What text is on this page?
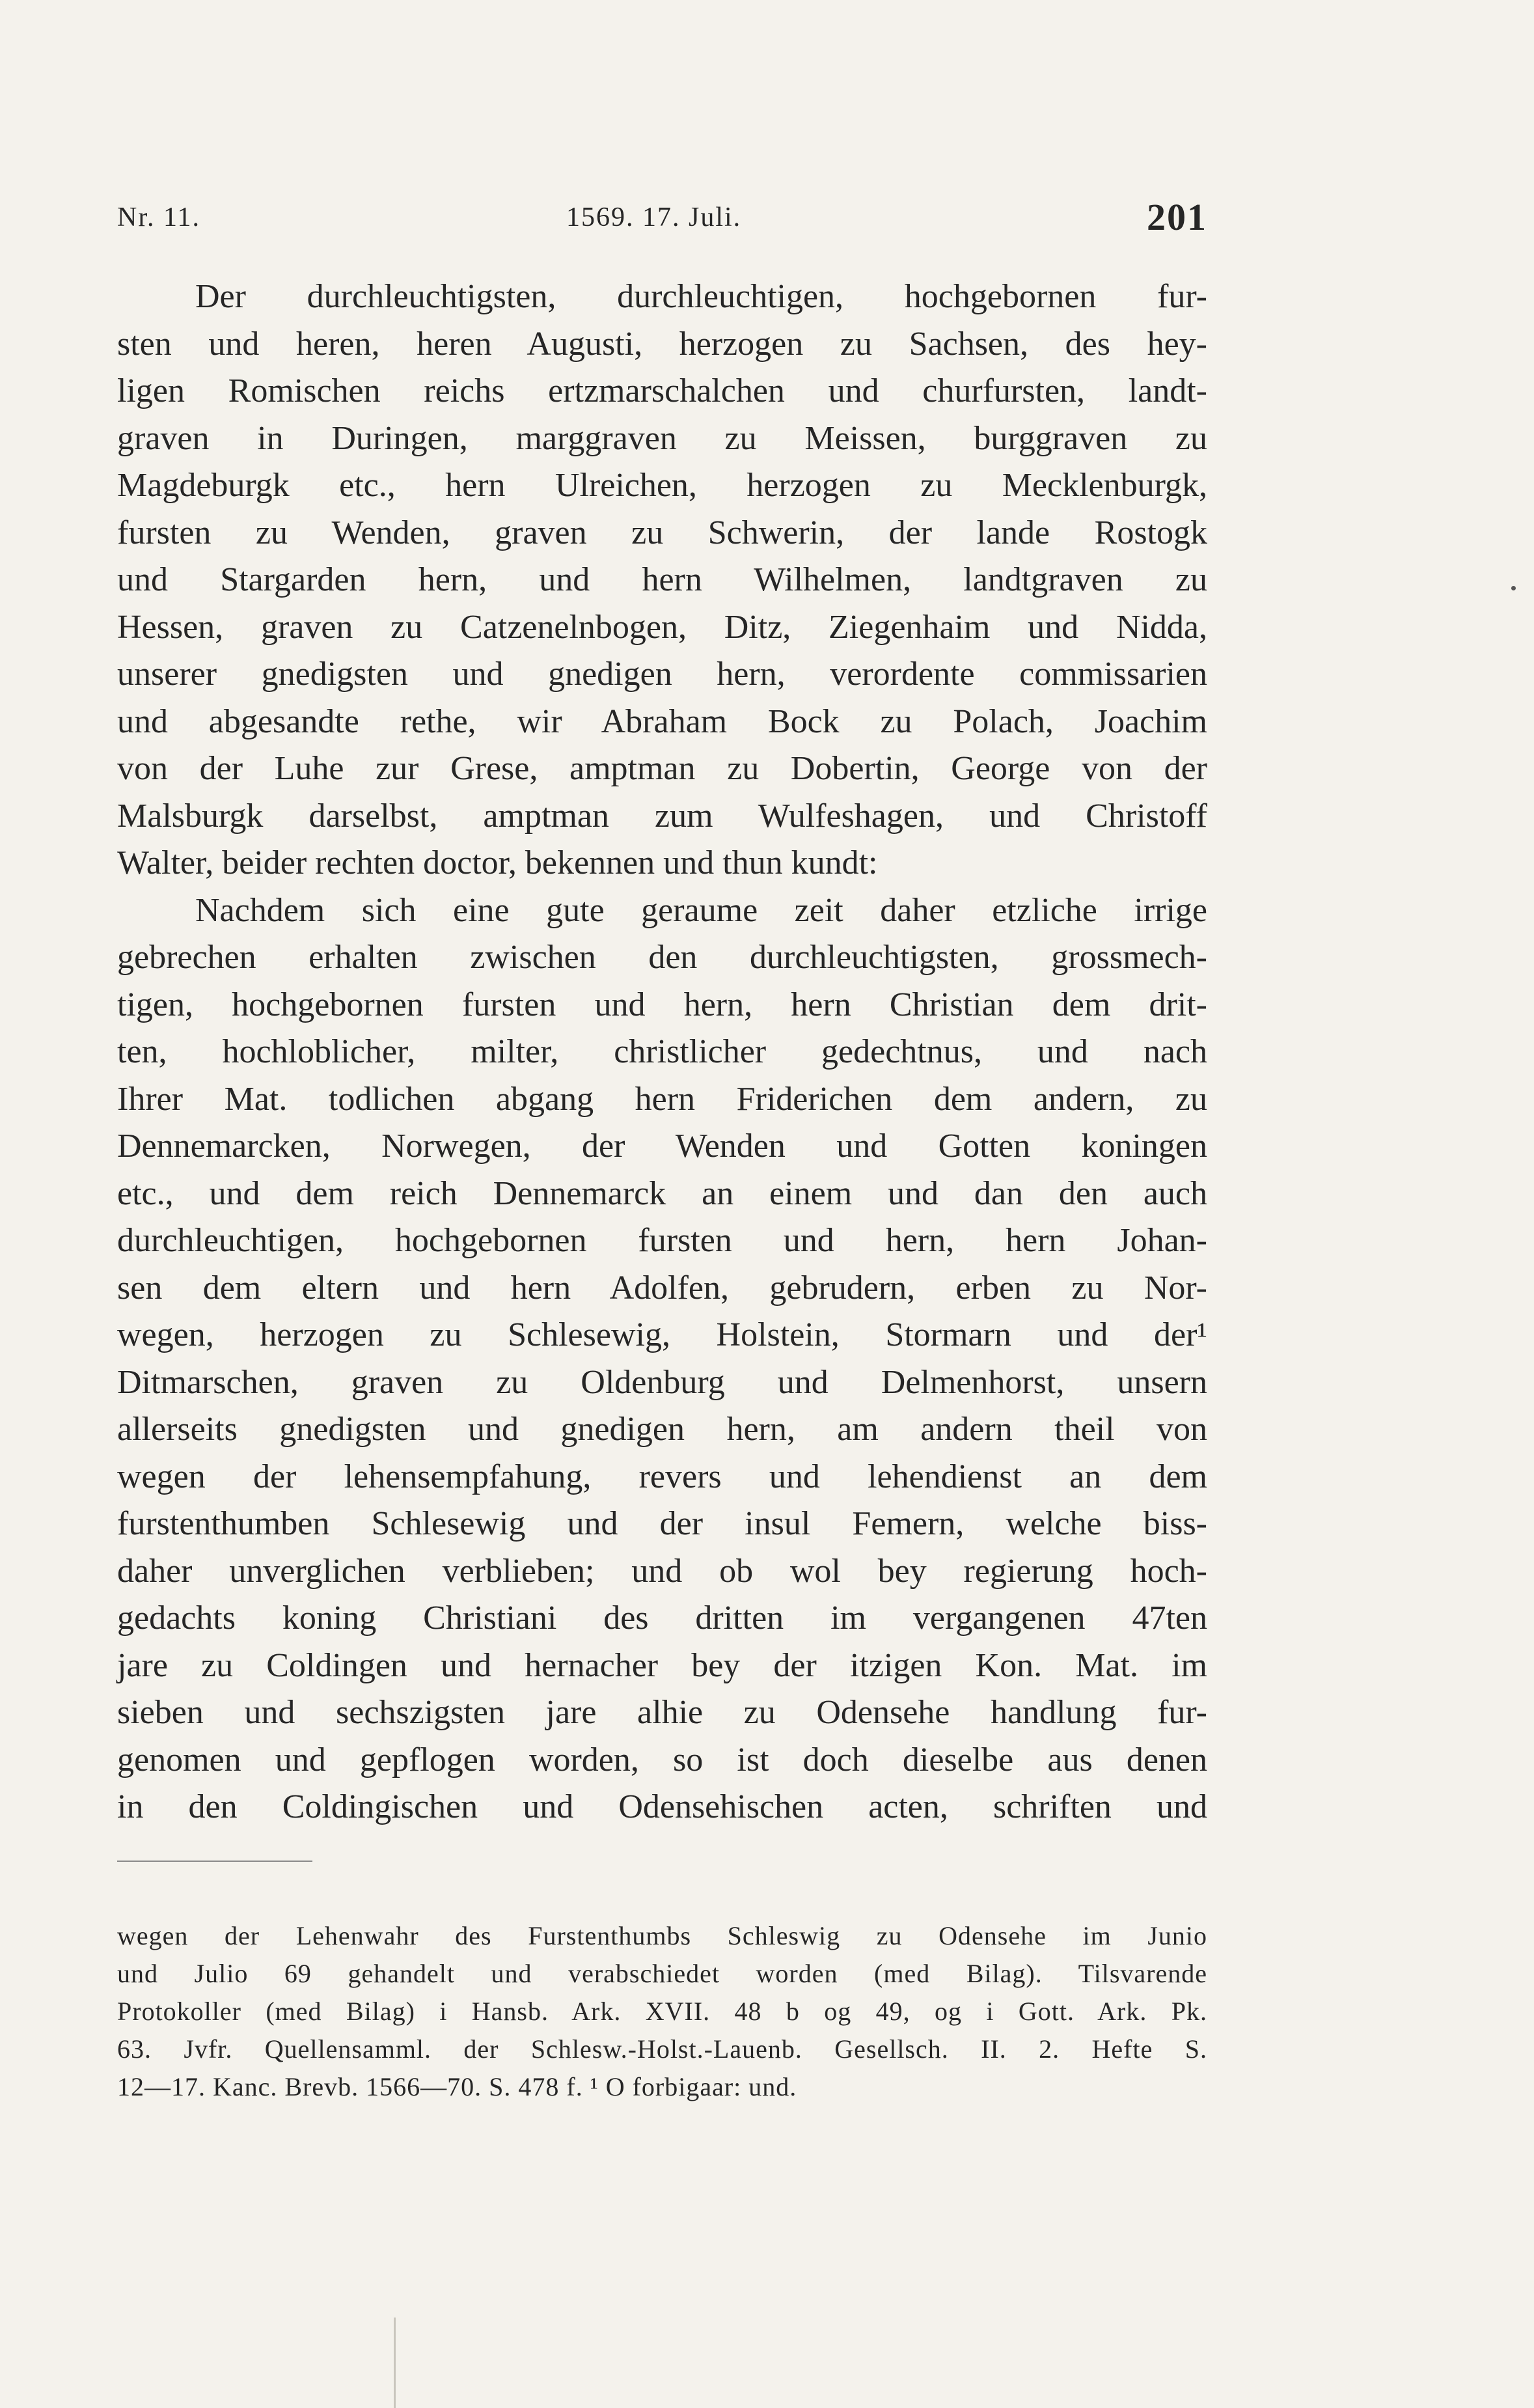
Nr. 11.	1569. 17. Juli.	201
Der durchleuchtigsten, durchleuchtigen, hochgebornen fur-
sten und heren, heren Augusti, herzogen zu Sachsen, des hey-
ligen Romischen reichs ertzmarschalchen und churfursten, landt-
graven in Duringen, marggraven zu Meissen, burggraven zu
Magdeburgk etc., hern Ulreichen, herzogen zu Mecklenburgk,
fursten zu Wenden, graven zu Schwerin, der lande Rostogk
und Stargarden hern, und hern Wilhelmen, landtgraven zu
Hessen, graven zu Catzenelnbogen, Ditz, Ziegenhaim und Nidda,
unserer gnedigsten und gnedigen hern, verordente commissarien
und abgesandte rethe, wir Abraham Bock zu Polach, Joachim
von der Luhe zur Grese, amptman zu Dobertin, George von der
Malsburgk darselbst, amptman zum Wulfeshagen, und Christoff
Walter, beider rechten doctor, bekennen und thun kundt:
Nachdem sich eine gute geraume zeit daher etzliche irrige
gebrechen erhalten zwischen den durchleuchtigsten, grossmech-
tigen, hochgebornen fursten und hern, hern Christian dem drit-
ten, hochloblicher, milter, christlicher gedechtnus, und nach
Ihrer Mat. todlichen abgang hern Friderichen dem andern, zu
Dennemarcken, Norwegen, der Wenden und Gotten koningen
etc., und dem reich Dennemarck an einem und dan den auch
durchleuchtigen, hochgebornen fursten und hern, hern Johan-
sen dem eltern und hern Adolfen, gebrudern, erben zu Nor-
wegen, herzogen zu Schlesewig, Holstein, Stormarn und der¹
Ditmarschen, graven zu Oldenburg und Delmenhorst, unsern
allerseits gnedigsten und gnedigen hern, am andern theil von
wegen der lehensempfahung, revers und lehendienst an dem
furstenthumben Schlesewig und der insul Femern, welche biss-
daher unverglichen verblieben; und ob wol bey regierung hoch-
gedachts koning Christiani des dritten im vergangenen 47ten
jare zu Coldingen und hernacher bey der itzigen Kon. Mat. im
sieben und sechszigsten jare alhie zu Odensehe handlung fur-
genomen und gepflogen worden, so ist doch dieselbe aus denen
in den Coldingischen und Odensehischen acten, schriften und
wegen der Lehenwahr des Furstenthumbs Schleswig zu Odensehe im Junio
und Julio 69 gehandelt und verabschiedet worden (med Bilag). Tilsvarende
Protokoller (med Bilag) i Hansb. Ark. XVII. 48 b og 49, og i Gott. Ark. Pk.
63. Jvfr. Quellensamml. der Schlesw.-Holst.-Lauenb. Gesellsch. II. 2. Hefte S.
12—17. Kanc. Brevb. 1566—70. S. 478 f. ¹ O forbigaar: und.
